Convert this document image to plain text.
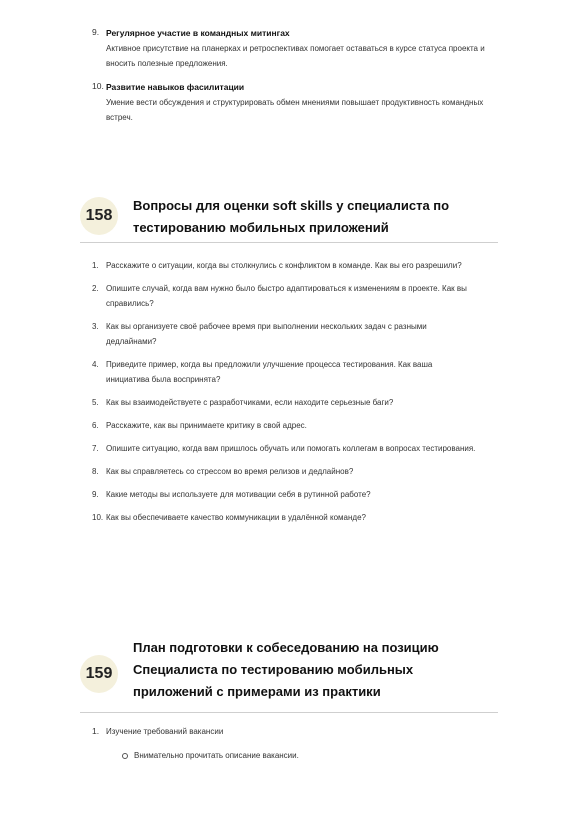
9. Регулярное участие в командных митингах
Активное присутствие на планерках и ретроспективах помогает оставаться в курсе статуса проекта и вносить полезные предложения.
10. Развитие навыков фасилитации
Умение вести обсуждения и структурировать обмен мнениями повышает продуктивность командных встреч.
158
Вопросы для оценки soft skills у специалиста по
тестированию мобильных приложений
1. Расскажите о ситуации, когда вы столкнулись с конфликтом в команде. Как вы его разрешили?
2. Опишите случай, когда вам нужно было быстро адаптироваться к изменениям в проекте. Как вы справились?
3. Как вы организуете своё рабочее время при выполнении нескольких задач с разными дедлайнами?
4. Приведите пример, когда вы предложили улучшение процесса тестирования. Как ваша инициатива была воспринята?
5. Как вы взаимодействуете с разработчиками, если находите серьезные баги?
6. Расскажите, как вы принимаете критику в свой адрес.
7. Опишите ситуацию, когда вам пришлось обучать или помогать коллегам в вопросах тестирования.
8. Как вы справляетесь со стрессом во время релизов и дедлайнов?
9. Какие методы вы используете для мотивации себя в рутинной работе?
10. Как вы обеспечиваете качество коммуникации в удалённой команде?
159
План подготовки к собеседованию на позицию
Специалиста по тестированию мобильных
приложений с примерами из практики
1. Изучение требований вакансии
Внимательно прочитать описание вакансии.
